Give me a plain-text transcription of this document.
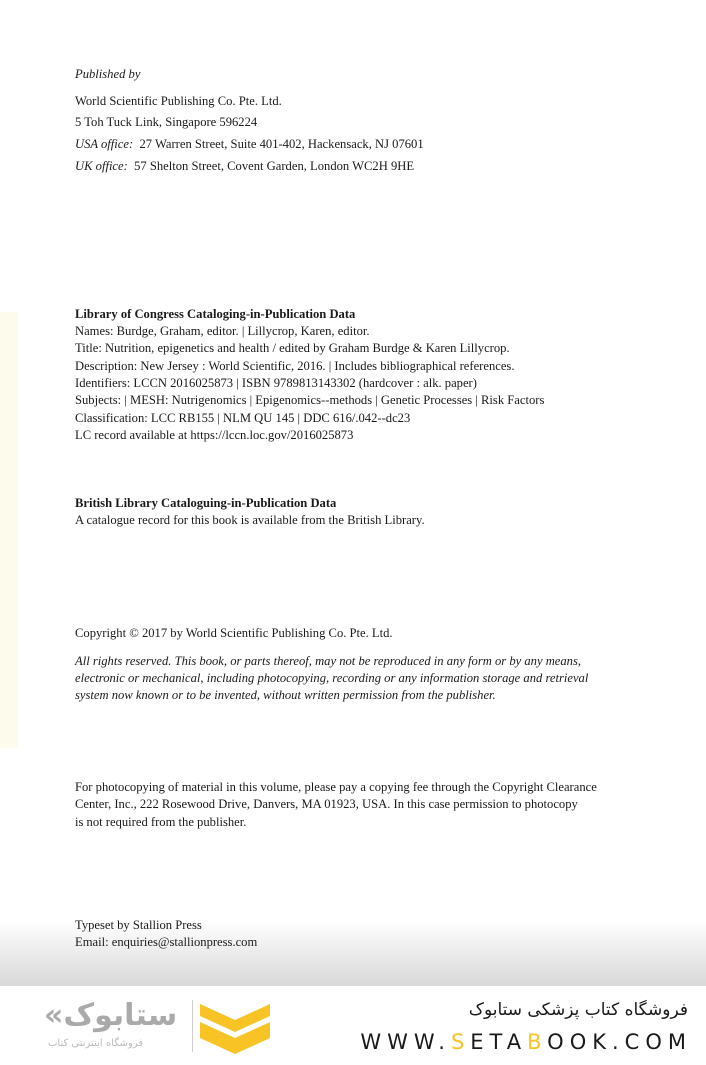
Published by
World Scientific Publishing Co. Pte. Ltd.
5 Toh Tuck Link, Singapore 596224
USA office: 27 Warren Street, Suite 401-402, Hackensack, NJ 07601
UK office: 57 Shelton Street, Covent Garden, London WC2H 9HE
Library of Congress Cataloging-in-Publication Data
Names: Burdge, Graham, editor. | Lillycrop, Karen, editor.
Title: Nutrition, epigenetics and health / edited by Graham Burdge & Karen Lillycrop.
Description: New Jersey : World Scientific, 2016. | Includes bibliographical references.
Identifiers: LCCN 2016025873 | ISBN 9789813143302 (hardcover : alk. paper)
Subjects: | MESH: Nutrigenomics | Epigenomics--methods | Genetic Processes | Risk Factors
Classification: LCC RB155 | NLM QU 145 | DDC 616/.042--dc23
LC record available at https://lccn.loc.gov/2016025873
British Library Cataloguing-in-Publication Data
A catalogue record for this book is available from the British Library.
Copyright © 2017 by World Scientific Publishing Co. Pte. Ltd.
All rights reserved. This book, or parts thereof, may not be reproduced in any form or by any means,
electronic or mechanical, including photocopying, recording or any information storage and retrieval
system now known or to be invented, without written permission from the publisher.
For photocopying of material in this volume, please pay a copying fee through the Copyright Clearance
Center, Inc., 222 Rosewood Drive, Danvers, MA 01923, USA. In this case permission to photocopy
is not required from the publisher.
Typeset by Stallion Press
Email: enquiries@stallionpress.com
«ستابوک
فروشگاه اینترنتی کتاب
فروشگاه کتاب پزشکی ستابوک
WWW.SETABOOK.COM
